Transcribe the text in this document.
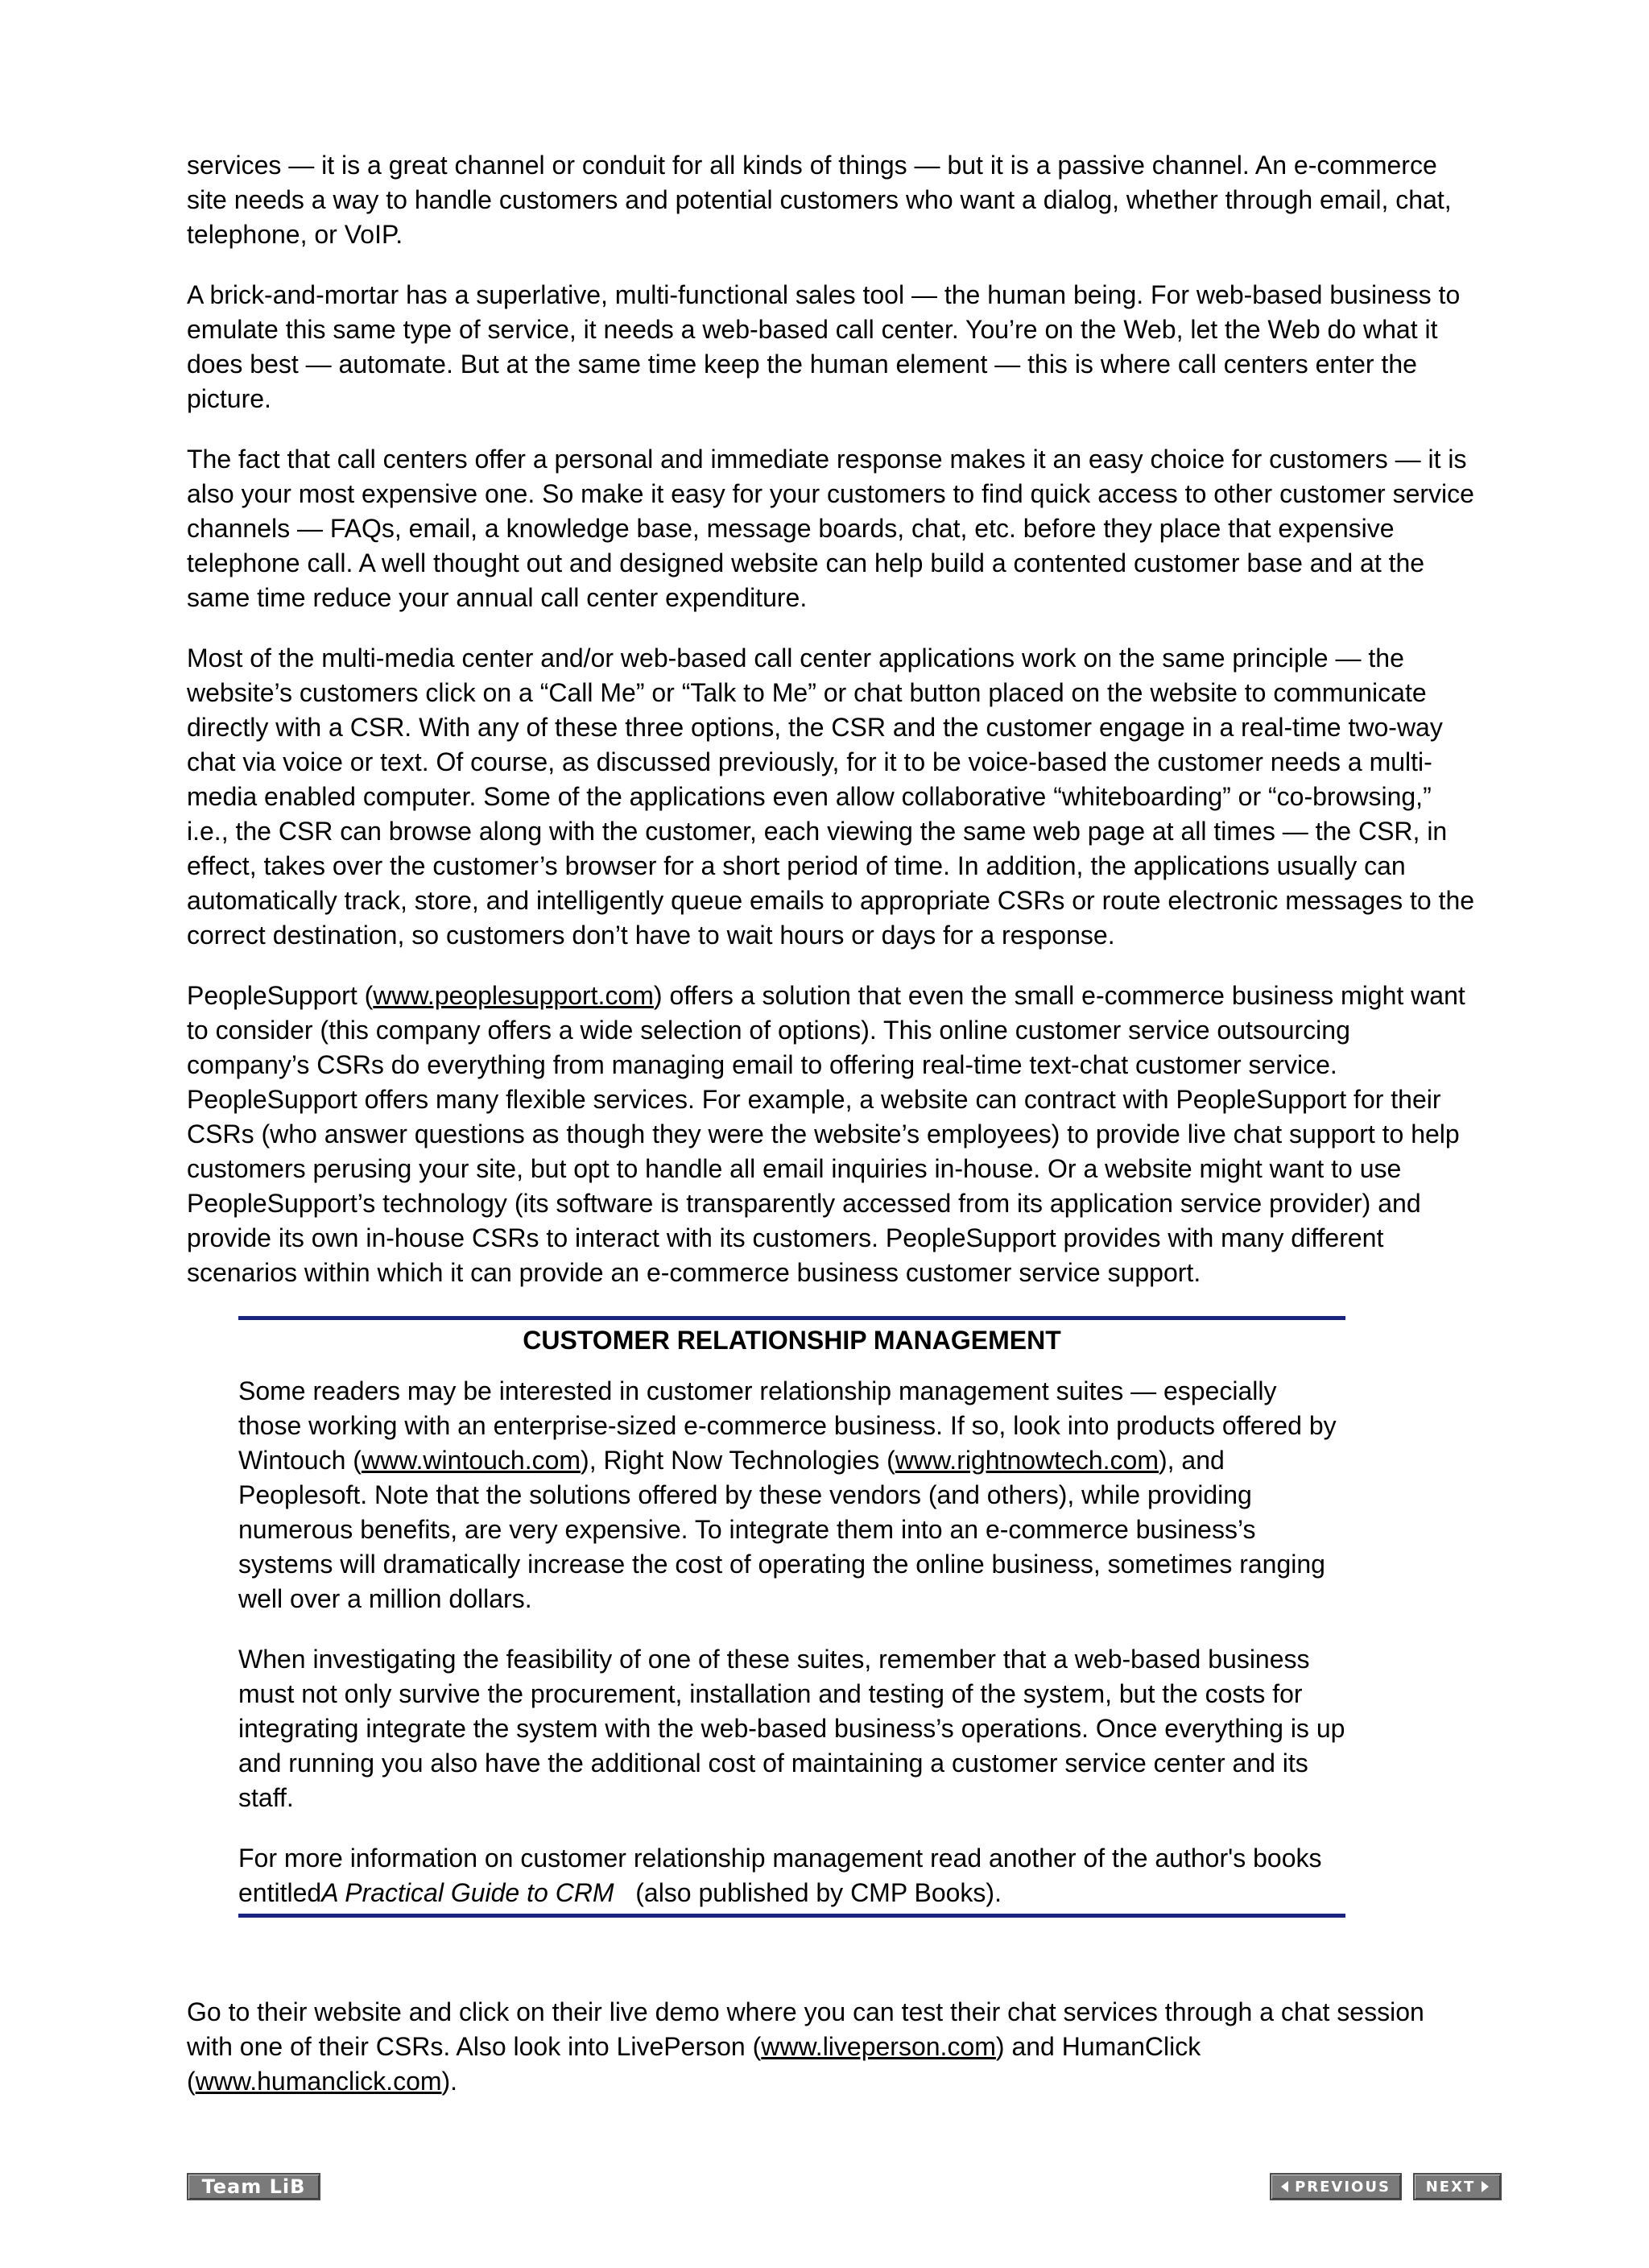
services — it is a great channel or conduit for all kinds of things — but it is a passive channel. An e-commerce site needs a way to handle customers and potential customers who want a dialog, whether through email, chat, telephone, or VoIP.

A brick-and-mortar has a superlative, multi-functional sales tool — the human being. For web-based business to emulate this same type of service, it needs a web-based call center. You’re on the Web, let the Web do what it does best — automate. But at the same time keep the human element — this is where call centers enter the picture.

The fact that call centers offer a personal and immediate response makes it an easy choice for customers — it is also your most expensive one. So make it easy for your customers to find quick access to other customer service channels — FAQs, email, a knowledge base, message boards, chat, etc. before they place that expensive telephone call. A well thought out and designed website can help build a contented customer base and at the same time reduce your annual call center expenditure.

Most of the multi-media center and/or web-based call center applications work on the same principle — the website’s customers click on a “Call Me” or “Talk to Me” or chat button placed on the website to communicate directly with a CSR. With any of these three options, the CSR and the customer engage in a real-time two-way chat via voice or text. Of course, as discussed previously, for it to be voice-based the customer needs a multi-media enabled computer. Some of the applications even allow collaborative “whiteboarding” or “co-browsing,” i.e., the CSR can browse along with the customer, each viewing the same web page at all times — the CSR, in effect, takes over the customer’s browser for a short period of time. In addition, the applications usually can automatically track, store, and intelligently queue emails to appropriate CSRs or route electronic messages to the correct destination, so customers don’t have to wait hours or days for a response.

PeopleSupport (www.peoplesupport.com) offers a solution that even the small e-commerce business might want to consider (this company offers a wide selection of options). This online customer service outsourcing company’s CSRs do everything from managing email to offering real-time text-chat customer service. PeopleSupport offers many flexible services. For example, a website can contract with PeopleSupport for their CSRs (who answer questions as though they were the website’s employees) to provide live chat support to help customers perusing your site, but opt to handle all email inquiries in-house. Or a website might want to use PeopleSupport’s technology (its software is transparently accessed from its application service provider) and provide its own in-house CSRs to interact with its customers. PeopleSupport provides with many different scenarios within which it can provide an e-commerce business customer service support.

CUSTOMER RELATIONSHIP MANAGEMENT

Some readers may be interested in customer relationship management suites — especially those working with an enterprise-sized e-commerce business. If so, look into products offered by Wintouch (www.wintouch.com), Right Now Technologies (www.rightnowtech.com), and Peoplesoft. Note that the solutions offered by these vendors (and others), while providing numerous benefits, are very expensive. To integrate them into an e-commerce business’s systems will dramatically increase the cost of operating the online business, sometimes ranging well over a million dollars.

When investigating the feasibility of one of these suites, remember that a web-based business must not only survive the procurement, installation and testing of the system, but the costs for integrating integrate the system with the web-based business’s operations. Once everything is up and running you also have the additional cost of maintaining a customer service center and its staff.

For more information on customer relationship management read another of the author's books entitledA Practical Guide to CRM   (also published by CMP Books).

Go to their website and click on their live demo where you can test their chat services through a chat session with one of their CSRs. Also look into LivePerson (www.liveperson.com) and HumanClick (www.humanclick.com).

Team LiB	PREVIOUS NEXT
